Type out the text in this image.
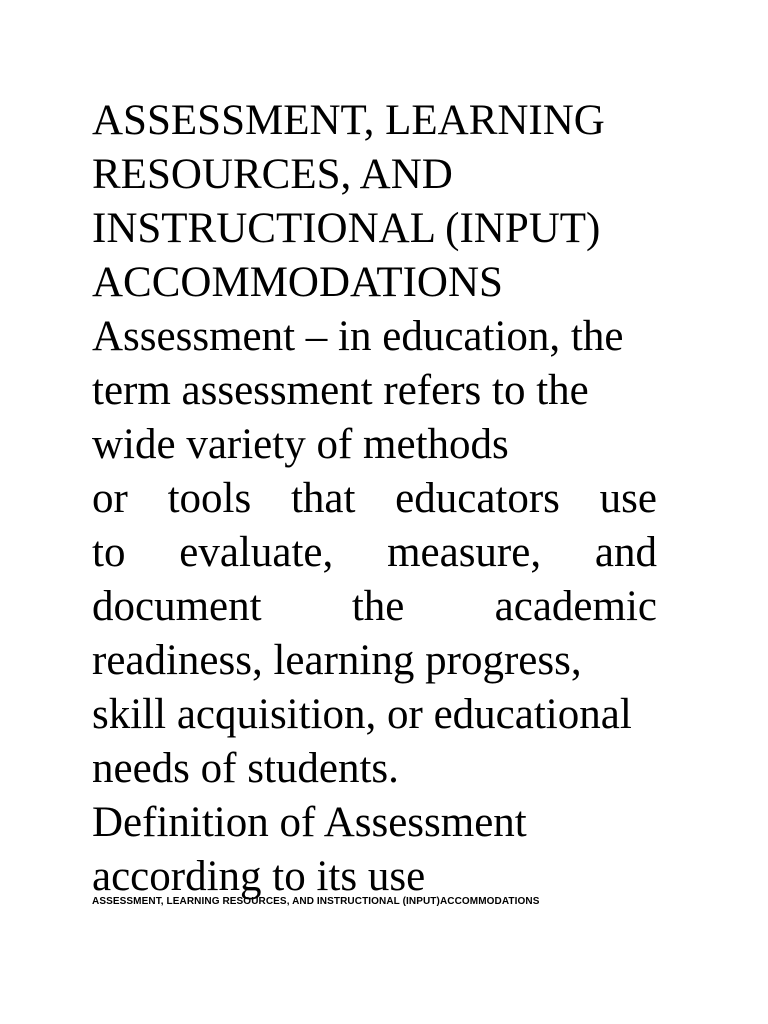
ASSESSMENT, LEARNING
RESOURCES, AND
INSTRUCTIONAL (INPUT)
ACCOMMODATIONS
Assessment – in education, the
term assessment refers to the
wide variety of methods
or tools that educators use
to evaluate, measure, and
document the academic
readiness, learning progress,
skill acquisition, or educational
needs of students.
Definition of Assessment
according to its use
ASSESSMENT, LEARNING RESOURCES, AND INSTRUCTIONAL (INPUT)ACCOMMODATIONS
